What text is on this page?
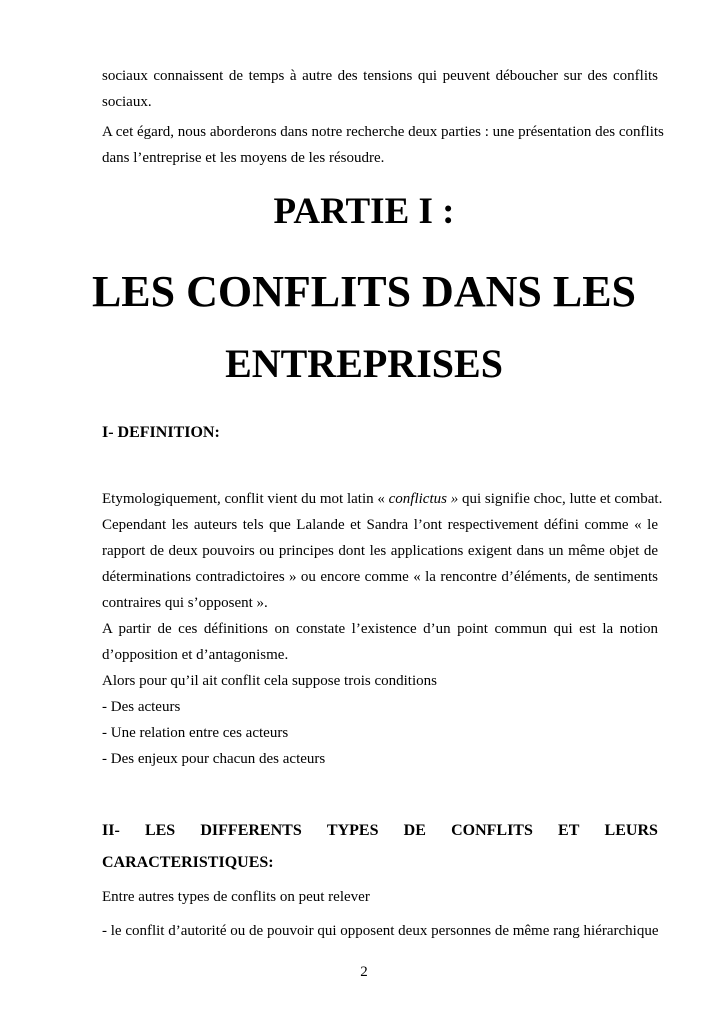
sociaux connaissent de temps à autre des tensions qui peuvent déboucher sur des conflits
sociaux.
A cet égard, nous aborderons dans notre recherche deux parties : une présentation des conflits
dans l’entreprise et les moyens de les résoudre.
PARTIE I :
LES CONFLITS DANS LES
ENTREPRISES
I- DEFINITION:
Etymologiquement, conflit vient du mot latin « conflictus » qui signifie choc, lutte et combat.
Cependant les auteurs tels que Lalande et Sandra l’ont respectivement défini comme « le
rapport de deux pouvoirs ou principes dont les applications exigent dans un même objet de
déterminations contradictoires » ou encore comme « la rencontre d’éléments, de sentiments
contraires qui s’opposent ».
A partir de ces définitions on constate l’existence d’un point commun qui est la notion
d’opposition et d’antagonisme.
Alors pour qu’il ait conflit cela suppose trois conditions
- Des acteurs
- Une relation entre ces acteurs
- Des enjeux pour chacun des acteurs
II- LES DIFFERENTS TYPES DE CONFLITS ET LEURS
CARACTERISTIQUES:
Entre autres types de conflits on peut relever
- le conflit d’autorité ou de pouvoir qui opposent deux personnes de même rang hiérarchique
2
